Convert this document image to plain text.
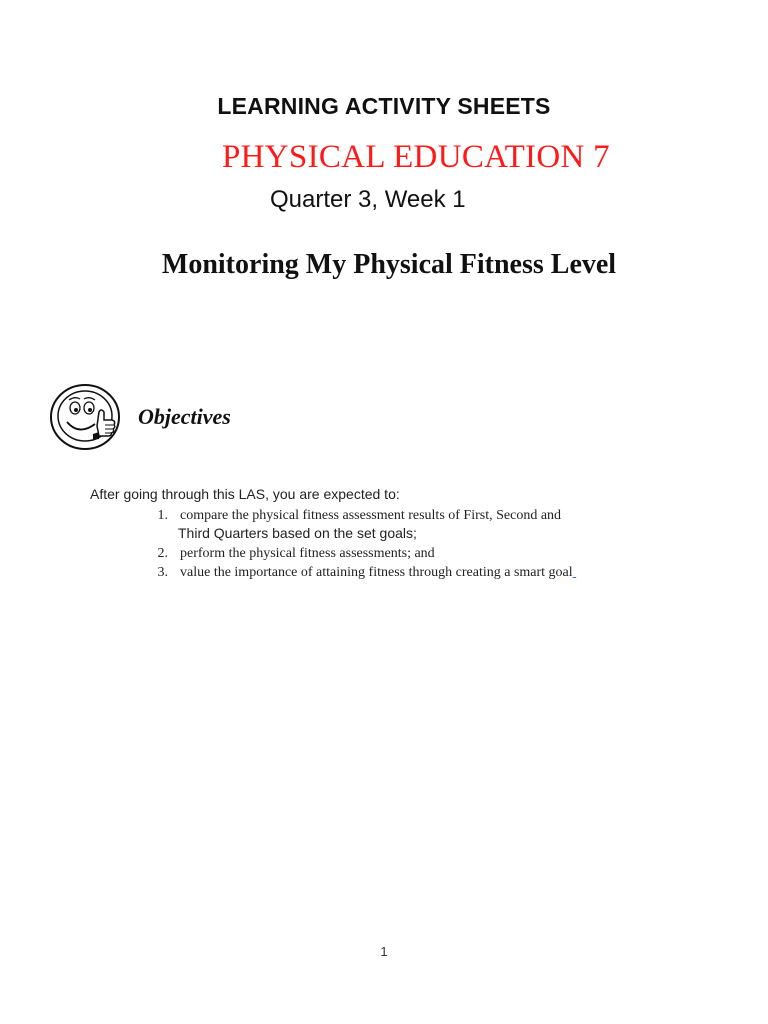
LEARNING ACTIVITY SHEETS
PHYSICAL EDUCATION 7
Quarter 3, Week 1
Monitoring My Physical Fitness Level
Objectives
After going through this LAS, you are expected to:
1. compare the physical fitness assessment results of First, Second and
Third Quarters based on the set goals;
2. perform the physical fitness assessments; and
3. value the importance of attaining fitness through creating a smart goal
1
